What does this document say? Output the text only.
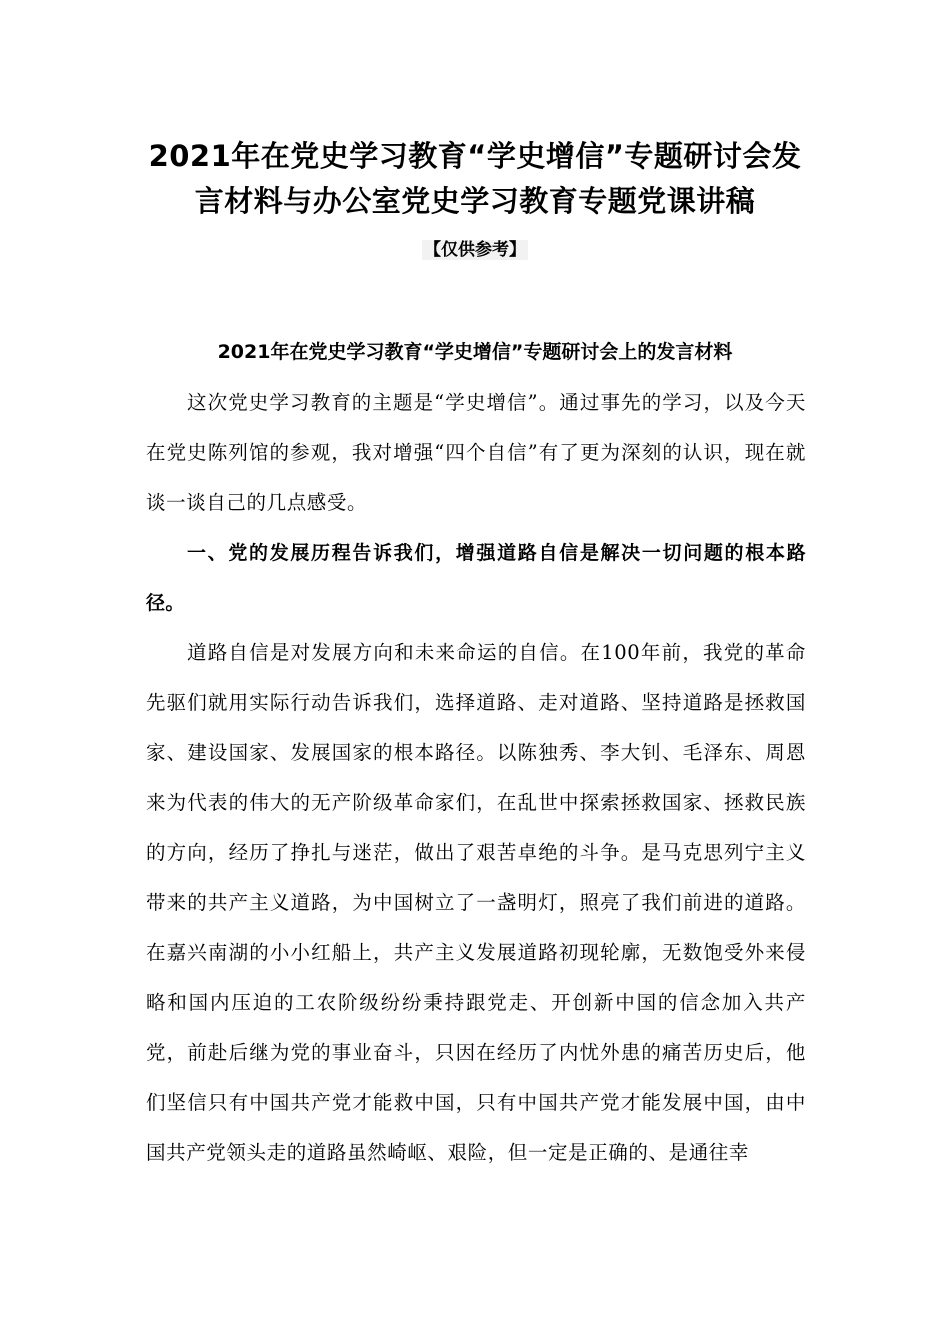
2021年在党史学习教育“学史增信”专题研讨会发
言材料与办公室党史学习教育专题党课讲稿
【仅供参考】
2021年在党史学习教育“学史增信”专题研讨会上的发言材料

这次党史学习教育的主题是“学史增信”。通过事先的学习，以及今天在党史陈列馆的参观，我对增强“四个自信”有了更为深刻的认识，现在就谈一谈自己的几点感受。

一、党的发展历程告诉我们，增强道路自信是解决一切问题的根本路径。

道路自信是对发展方向和未来命运的自信。在100年前，我党的革命先驱们就用实际行动告诉我们，选择道路、走对道路、坚持道路是拯救国家、建设国家、发展国家的根本路径。以陈独秀、李大钊、毛泽东、周恩来为代表的伟大的无产阶级革命家们，在乱世中探索拯救国家、拯救民族的方向，经历了挣扎与迷茫，做出了艰苦卓绝的斗争。是马克思列宁主义带来的共产主义道路，为中国树立了一盏明灯，照亮了我们前进的道路。在嘉兴南湖的小小红船上，共产主义发展道路初现轮廓，无数饱受外来侵略和国内压迫的工农阶级纷纷秉持跟党走、开创新中国的信念加入共产党，前赴后继为党的事业奋斗，只因在经历了内忧外患的痛苦历史后，他们坚信只有中国共产党才能救中国，只有中国共产党才能发展中国，由中国共产党领头走的道路虽然崎岖、艰险，但一定是正确的、是通往幸
